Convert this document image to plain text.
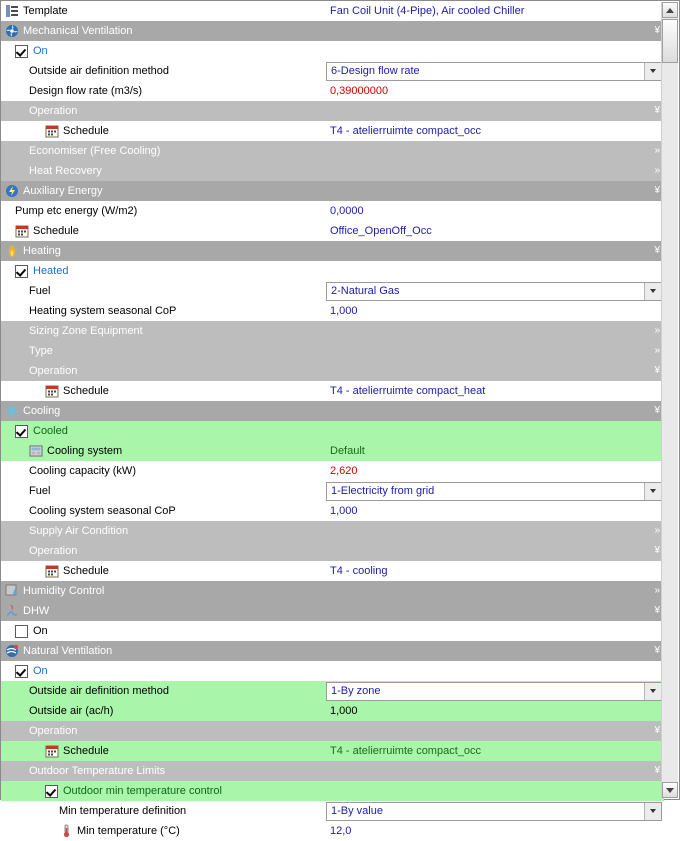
Template	Fan Coil Unit (4-Pipe), Air cooled Chiller
Mechanical Ventilation	¥
On
Outside air definition method	6-Design flow rate
Design flow rate (m3/s)	0,39000000
Operation	¥
Schedule	T4 - atelierruimte compact_occ
Economiser (Free Cooling)	»
Heat Recovery	»
Auxiliary Energy	¥
Pump etc energy (W/m2)	0,0000
Schedule	Office_OpenOff_Occ
Heating	¥
Heated
Fuel	2-Natural Gas
Heating system seasonal CoP	1,000
Sizing Zone Equipment	»
Type	»
Operation	¥
Schedule	T4 - atelierruimte compact_heat
Cooling	¥
Cooled
Cooling system	Default
Cooling capacity (kW)	2,620
Fuel	1-Electricity from grid
Cooling system seasonal CoP	1,000
Supply Air Condition	»
Operation	¥
Schedule	T4 - cooling
Humidity Control	»
DHW	¥
On
Natural Ventilation	¥
On
Outside air definition method	1-By zone
Outside air (ac/h)	1,000
Operation	¥
Schedule	T4 - atelierruimte compact_occ
Outdoor Temperature Limits	¥
Outdoor min temperature control
Min temperature definition	1-By value
Min temperature (°C)	12,0
